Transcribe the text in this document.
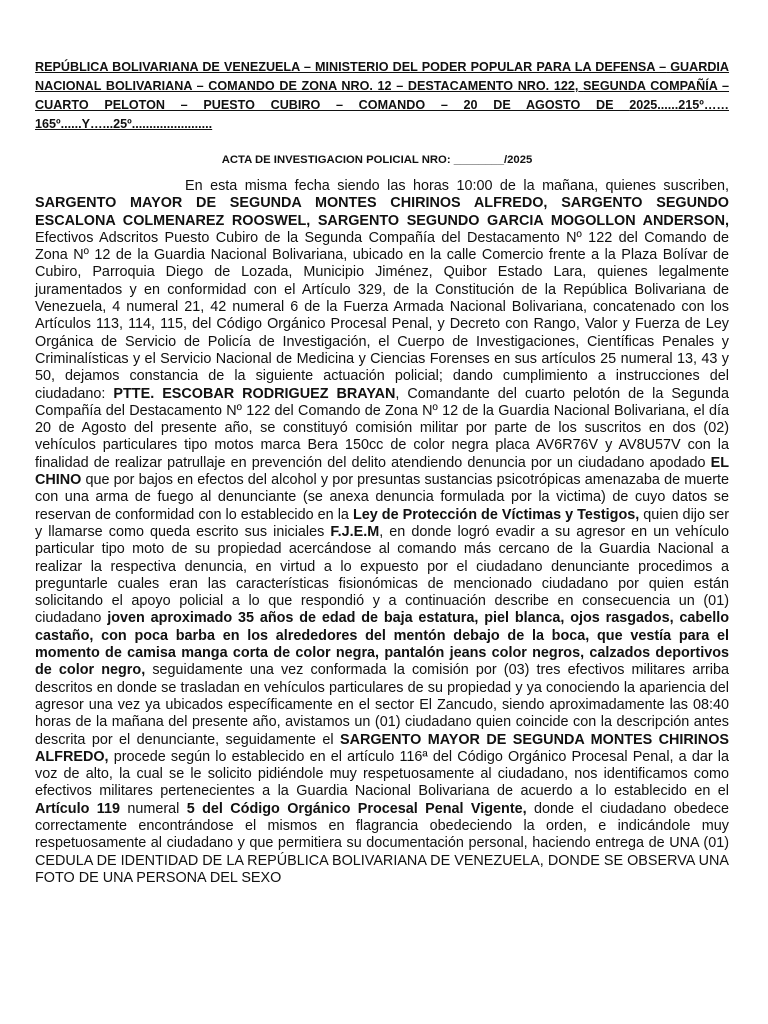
REPÚBLICA BOLIVARIANA DE VENEZUELA – MINISTERIO DEL PODER POPULAR PARA LA DEFENSA – GUARDIA NACIONAL BOLIVARIANA – COMANDO DE ZONA NRO. 12 – DESTACAMENTO NRO. 122, SEGUNDA COMPAÑÍA – CUARTO PELOTON – PUESTO CUBIRO – COMANDO – 20 DE AGOSTO DE 2025......215º……165º......Y…...25º.......................

ACTA DE INVESTIGACION POLICIAL NRO: ________/2025
En esta misma fecha siendo las horas 10:00 de la mañana, quienes suscriben, SARGENTO MAYOR DE SEGUNDA MONTES CHIRINOS ALFREDO, SARGENTO SEGUNDO ESCALONA COLMENAREZ ROOSWEL, SARGENTO SEGUNDO GARCIA MOGOLLON ANDERSON, Efectivos Adscritos Puesto Cubiro de la Segunda Compañía del Destacamento Nº 122 del Comando de Zona Nº 12 de la Guardia Nacional Bolivariana, ubicado en la calle Comercio frente a la Plaza Bolívar de Cubiro, Parroquia Diego de Lozada, Municipio Jiménez, Quibor Estado Lara, quienes legalmente juramentados y en conformidad con el Artículo 329, de la Constitución de la República Bolivariana de Venezuela, 4 numeral 21, 42 numeral 6 de la Fuerza Armada Nacional Bolivariana, concatenado con los Artículos 113, 114, 115, del Código Orgánico Procesal Penal, y Decreto con Rango, Valor y Fuerza de Ley Orgánica de Servicio de Policía de Investigación, el Cuerpo de Investigaciones, Científicas Penales y Criminalísticas y el Servicio Nacional de Medicina y Ciencias Forenses en sus artículos 25 numeral 13, 43 y 50, dejamos constancia de la siguiente actuación policial; dando cumplimiento a instrucciones del ciudadano: PTTE. ESCOBAR RODRIGUEZ BRAYAN, Comandante del cuarto pelotón de la Segunda Compañía del Destacamento Nº 122 del Comando de Zona Nº 12 de la Guardia Nacional Bolivariana, el día 20 de Agosto del presente año, se constituyó comisión militar por parte de los suscritos en dos (02) vehículos particulares tipo motos marca Bera 150cc de color negra placa AV6R76V y AV8U57V con la finalidad de realizar patrullaje en prevención del delito atendiendo denuncia por un ciudadano apodado EL CHINO que por bajos en efectos del alcohol y por presuntas sustancias psicotrópicas amenazaba de muerte con una arma de fuego al denunciante (se anexa denuncia formulada por la victima) de cuyo datos se reservan de conformidad con lo establecido en la Ley de Protección de Víctimas y Testigos, quien dijo ser y llamarse como queda escrito sus iniciales F.J.E.M, en donde logró evadir a su agresor en un vehículo particular tipo moto de su propiedad acercándose al comando más cercano de la Guardia Nacional a realizar la respectiva denuncia, en virtud a lo expuesto por el ciudadano denunciante procedimos a preguntarle cuales eran las características fisionómicas de mencionado ciudadano por quien están solicitando el apoyo policial a lo que respondió y a continuación describe en consecuencia un (01) ciudadano joven aproximado 35 años de edad de baja estatura, piel blanca, ojos rasgados, cabello castaño, con poca barba en los alrededores del mentón debajo de la boca, que vestía para el momento de camisa manga corta de color negra, pantalón jeans color negros, calzados deportivos de color negro, seguidamente una vez conformada la comisión por (03) tres efectivos militares arriba descritos en donde se trasladan en vehículos particulares de su propiedad y ya conociendo la apariencia del agresor una vez ya ubicados específicamente en el sector El Zancudo, siendo aproximadamente las 08:40 horas de la mañana del presente año, avistamos un (01) ciudadano quien coincide con la descripción antes descrita por el denunciante, seguidamente el SARGENTO MAYOR DE SEGUNDA MONTES CHIRINOS ALFREDO, procede según lo establecido en el artículo 116ª del Código Orgánico Procesal Penal, a dar la voz de alto, la cual se le solicito pidiéndole muy respetuosamente al ciudadano, nos identificamos como efectivos militares pertenecientes a la Guardia Nacional Bolivariana de acuerdo a lo establecido en el Artículo 119 numeral 5 del Código Orgánico Procesal Penal Vigente, donde el ciudadano obedece correctamente encontrándose el mismos en flagrancia obedeciendo la orden, e indicándole muy respetuosamente al ciudadano y que permitiera su documentación personal, haciendo entrega de UNA (01) CEDULA DE IDENTIDAD DE LA REPÚBLICA BOLIVARIANA DE VENEZUELA, DONDE SE OBSERVA UNA FOTO DE UNA PERSONA DEL SEXO
